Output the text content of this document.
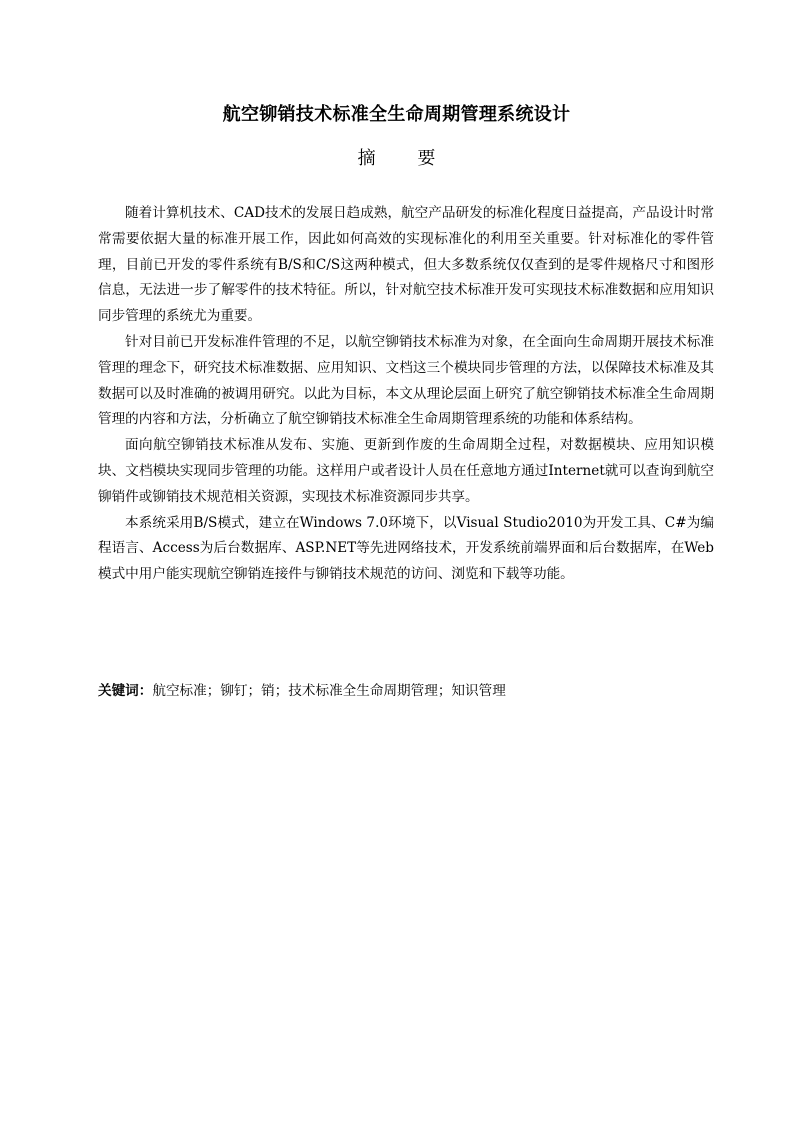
航空铆销技术标准全生命周期管理系统设计
摘 要

随着计算机技术、CAD技术的发展日趋成熟，航空产品研发的标准化程度日益提高，产品设计时常常需要依据大量的标准开展工作，因此如何高效的实现标准化的利用至关重要。针对标准化的零件管理，目前已开发的零件系统有B/S和C/S这两种模式，但大多数系统仅仅查到的是零件规格尺寸和图形信息，无法进一步了解零件的技术特征。所以，针对航空技术标准开发可实现技术标准数据和应用知识同步管理的系统尤为重要。

针对目前已开发标准件管理的不足，以航空铆销技术标准为对象，在全面向生命周期开展技术标准管理的理念下，研究技术标准数据、应用知识、文档这三个模块同步管理的方法，以保障技术标准及其数据可以及时准确的被调用研究。以此为目标，本文从理论层面上研究了航空铆销技术标准全生命周期管理的内容和方法，分析确立了航空铆销技术标准全生命周期管理系统的功能和体系结构。

面向航空铆销技术标准从发布、实施、更新到作废的生命周期全过程，对数据模块、应用知识模块、文档模块实现同步管理的功能。这样用户或者设计人员在任意地方通过Internet就可以查询到航空铆销件或铆销技术规范相关资源，实现技术标准资源同步共享。

本系统采用B/S模式，建立在Windows 7.0环境下，以Visual Studio2010为开发工具、C#为编程语言、Access为后台数据库、ASP.NET等先进网络技术，开发系统前端界面和后台数据库，在Web模式中用户能实现航空铆销连接件与铆销技术规范的访问、浏览和下载等功能。

关键词：航空标准；铆钉；销；技术标准全生命周期管理；知识管理
